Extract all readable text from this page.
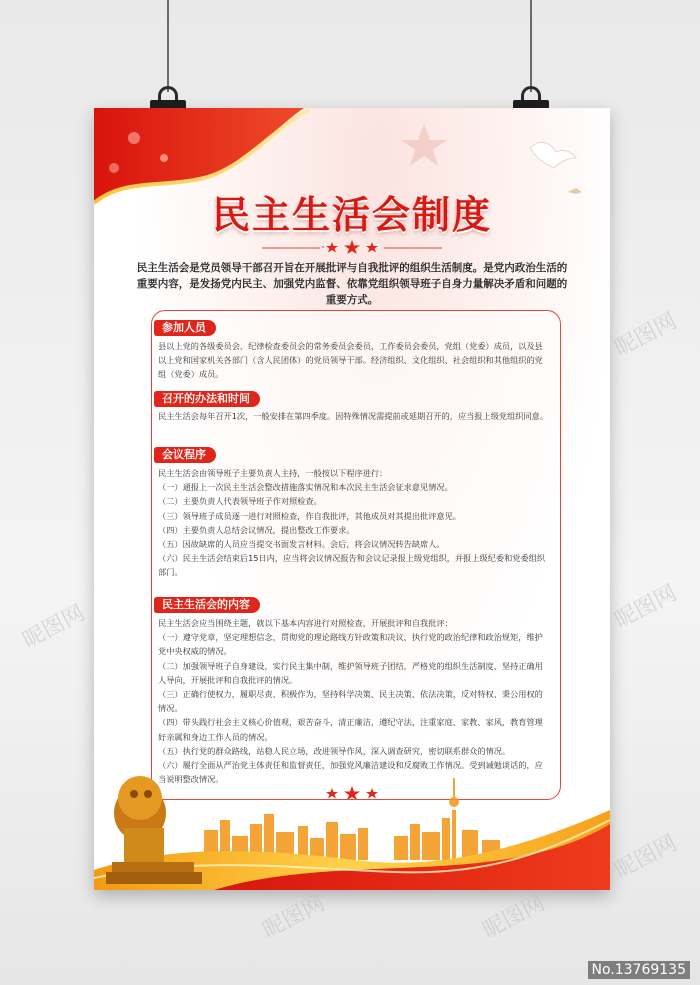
民主生活会制度

民主生活会是党员领导干部召开旨在开展批评与自我批评的组织生活制度。是党内政治生活的重要内容，是发扬党内民主、加强党内监督、依靠党组织领导班子自身力量解决矛盾和问题的重要方式。

参加人员

县以上党的各级委员会、纪律检查委员会的常务委员会委员，工作委员会委员，党组（党委）成员，以及县以上党和国家机关各部门（含人民团体）的党员领导干部。经济组织、文化组织、社会组织和其他组织的党组（党委）成员。

召开的办法和时间

民主生活会每年召开1次，一般安排在第四季度。因特殊情况需提前或延期召开的，应当报上级党组织同意。

会议程序

民主生活会由领导班子主要负责人主持，一般按以下程序进行：

（一）通报上一次民主生活会整改措施落实情况和本次民主生活会征求意见情况。

（二）主要负责人代表领导班子作对照检查。

（三）领导班子成员逐一进行对照检查，作自我批评，其他成员对其提出批评意见。

（四）主要负责人总结会议情况，提出整改工作要求。

（五）因故缺席的人员应当提交书面发言材料。会后，将会议情况转告缺席人。

（六）民主生活会结束后15日内，应当将会议情况报告和会议记录报上级党组织，并报上级纪委和党委组织部门。

民主生活会的内容

民主生活会应当围绕主题，就以下基本内容进行对照检查，开展批评和自我批评：

（一）遵守党章，坚定理想信念，贯彻党的理论路线方针政策和决议，执行党的政治纪律和政治规矩，维护党中央权威的情况。

（二）加强领导班子自身建设，实行民主集中制，维护领导班子团结，严格党的组织生活制度，坚持正确用人导向，开展批评和自我批评的情况。

（三）正确行使权力，履职尽责、积极作为，坚持科学决策、民主决策、依法决策，反对特权、秉公用权的情况。

（四）带头践行社会主义核心价值观，艰苦奋斗，清正廉洁，遵纪守法，注重家庭、家教、家风，教育管理好亲属和身边工作人员的情况。

（五）执行党的群众路线，站稳人民立场，改进领导作风，深入调查研究，密切联系群众的情况。

（六）履行全面从严治党主体责任和监督责任，加强党风廉洁建设和反腐败工作情况。受到诫勉谈话的，应当说明整改情况。

昵图网
昵图网
昵图网
昵图网
昵图网	昵图网
No.13769135
